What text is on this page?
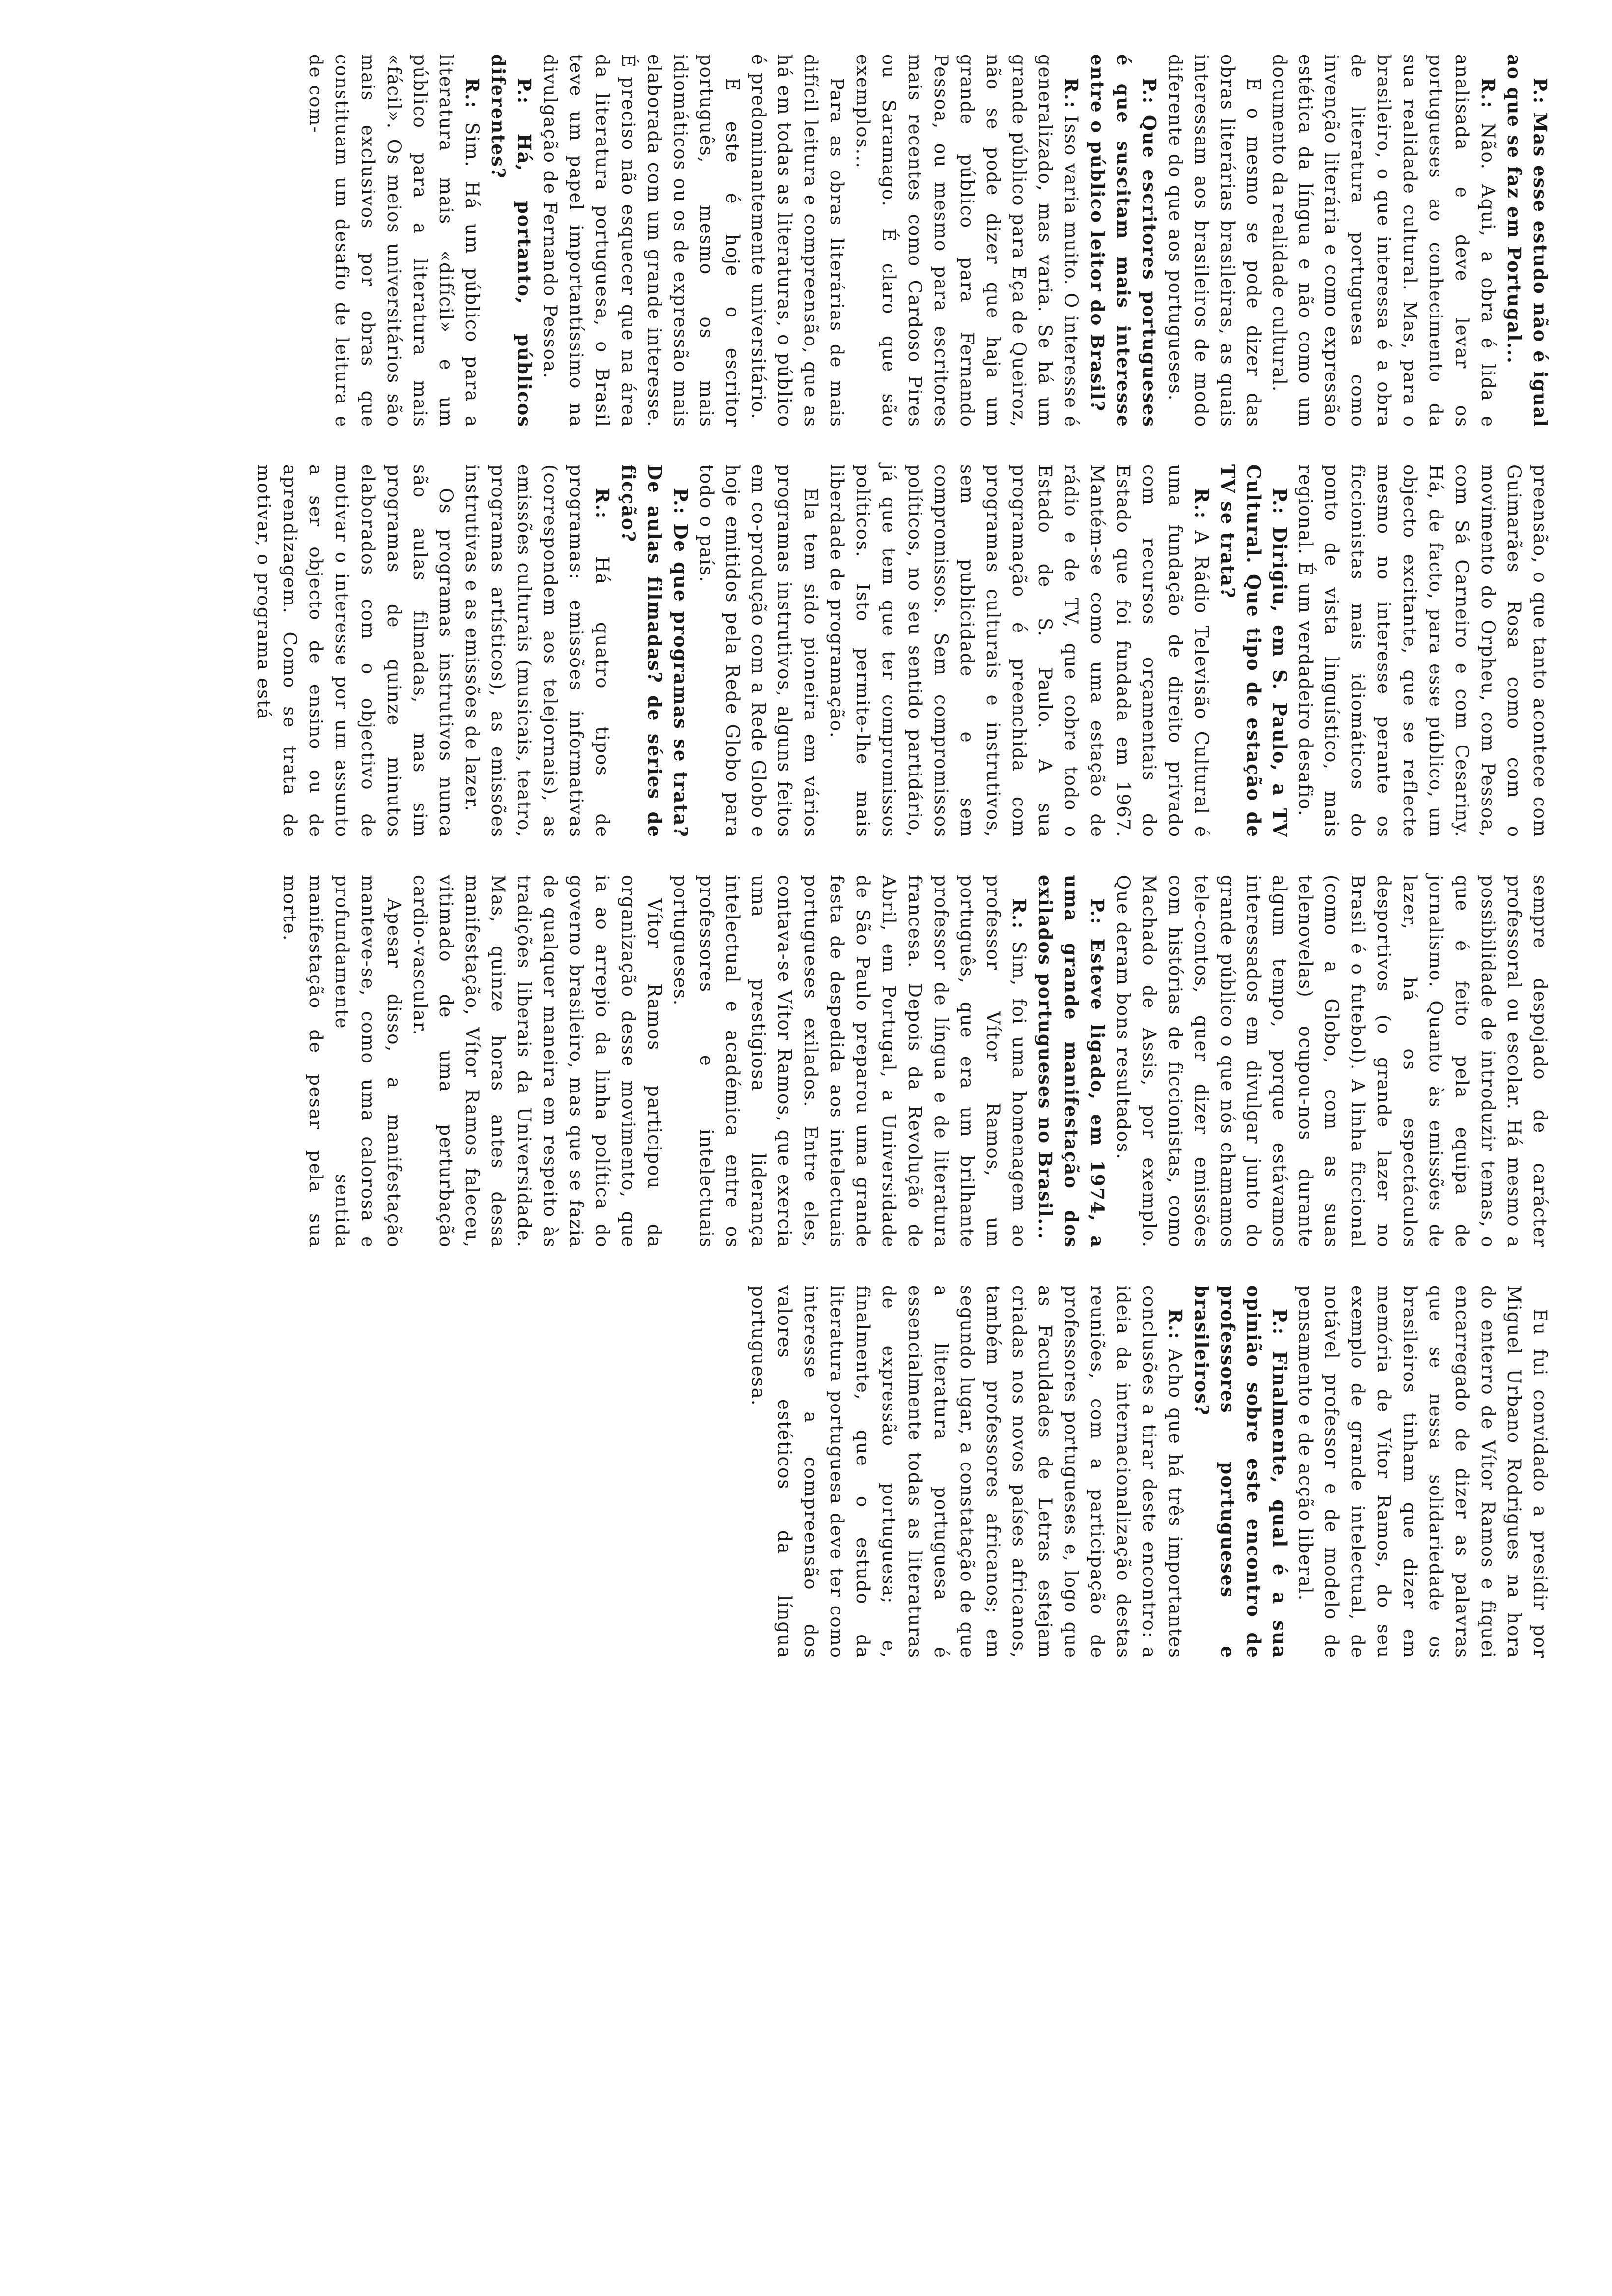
P.: Mas esse estudo não é igual ao que se faz em Portugal...

R.: Não. Aqui, a obra é lida e analisada e deve levar os portugueses ao conhecimento da sua realidade cultural. Mas, para o brasileiro, o que interessa é a obra de literatura portuguesa como invenção literária e como expressão estética da língua e não como um documento da realidade cultural.

E o mesmo se pode dizer das obras literárias brasileiras, as quais interessam aos brasileiros de modo diferente do que aos portugueses.

P.: Que escritores portugueses é que suscitam mais interesse entre o público leitor do Brasil?

R.: Isso varia muito. O interesse é generalizado, mas varia. Se há um grande público para Eça de Queiroz, não se pode dizer que haja um grande público para Fernando Pessoa, ou mesmo para escritores mais recentes como Cardoso Pires ou Saramago. É claro que são exemplos...

Para as obras literárias de mais difícil leitura e compreensão, que as há em todas as literaturas, o público é predominantemente universitário.

E este é hoje o escritor português, mesmo os mais idiomáticos ou os de expressão mais elaborada com um grande interesse. É preciso não esquecer que na área da literatura portuguesa, o Brasil teve um papel importantíssimo na divulgação de Fernando Pessoa.

P.: Há, portanto, públicos diferentes?

R.: Sim. Há um público para a literatura mais «difícil» e um público para a literatura mais «fácil». Os meios universitários são mais exclusivos por obras que constituam um desafio de leitura e de com-

preensão, o que tanto acontece com Guimarães Rosa como com o movimento do Orpheu, com Pessoa, com Sá Carneiro e com Cesariny. Há, de facto, para esse público, um objecto excitante, que se reflecte mesmo no interesse perante os ficcionistas mais idiomáticos do ponto de vista linguístico, mais regional. É um verdadeiro desafio.

P.: Dirigiu, em S. Paulo, a TV Cultural. Que tipo de estação de TV se trata?

R.: A Rádio Televisão Cultural é uma fundação de direito privado com recursos orçamentais do Estado que foi fundada em 1967. Mantém-se como uma estação de rádio e de TV, que cobre todo o Estado de S. Paulo. A sua programação é preenchida com programas culturais e instrutivos, sem publicidade e sem compromissos. Sem compromissos políticos, no seu sentido partidário, já que tem que ter compromissos políticos. Isto permite-lhe mais liberdade de programação.

Ela tem sido pioneira em vários programas instrutivos, alguns feitos em co-produção com a Rede Globo e hoje emitidos pela Rede Globo para todo o país.

P.: De que programas se trata? De aulas filmadas? de séries de ficção?

R.: Há quatro tipos de programas: emissões informativas (correspondem aos telejornais), as emissões culturais (musicais, teatro, programas artísticos), as emissões instrutivas e as emissões de lazer.

Os programas instrutivos nunca são aulas filmadas, mas sim programas de quinze minutos elaborados com o objectivo de motivar o interesse por um assunto a ser objecto de ensino ou de aprendizagem. Como se trata de motivar, o programa está

sempre despojado de carácter professoral ou escolar. Há mesmo a possibilidade de introduzir temas, o que é feito pela equipa de jornalismo. Quanto às emissões de lazer, há os espectáculos desportivos (o grande lazer no Brasil é o futebol). A linha ficcional (como a Globo, com as suas telenovelas) ocupou-nos durante algum tempo, porque estávamos interessados em divulgar junto do grande público o que nós chamamos tele-contos, quer dizer emissões com histórias de ficcionistas, como Machado de Assis, por exemplo. Que deram bons resultados.

P.: Esteve ligado, em 1974, a uma grande manifestação dos exilados portugueses no Brasil...

R.: Sim, foi uma homenagem ao professor Vítor Ramos, um português, que era um brilhante professor de língua e de literatura francesa. Depois da Revolução de Abril, em Portugal, a Universidade de São Paulo preparou uma grande festa de despedida aos intelectuais portugueses exilados. Entre eles, contava-se Vítor Ramos, que exercia uma prestigiosa liderança intelectual e académica entre os professores e intelectuais portugueses.

Vítor Ramos participou da organização desse movimento, que ia ao arrepio da linha política do governo brasileiro, mas que se fazia de qualquer maneira em respeito às tradições liberais da Universidade. Mas, quinze horas antes dessa manifestação, Vítor Ramos faleceu, vitimado de uma perturbação cardio-vascular.

Apesar disso, a manifestação manteve-se, como uma calorosa e profundamente sentida manifestação de pesar pela sua morte.

Eu fui convidado a presidir por Miguel Urbano Rodrigues na hora do enterro de Vítor Ramos e fiquei encarregado de dizer as palavras que se nessa solidariedade os brasileiros tinham que dizer em memória de Vítor Ramos, do seu exemplo de grande intelectual, de notável professor e de modelo de pensamento e de acção liberal.

P.: Finalmente, qual é a sua opinião sobre este encontro de professores portugueses e brasileiros?

R.: Acho que há três importantes conclusões a tirar deste encontro: a ideia da internacionalização destas reuniões, com a participação de professores portugueses e, logo que as Faculdades de Letras estejam criadas nos novos países africanos, também professores africanos; em segundo lugar, a constatação de que a literatura portuguesa é essencialmente todas as literaturas de expressão portuguesa; e, finalmente, que o estudo da literatura portuguesa deve ter como interesse a compreensão dos valores estéticos da língua portuguesa.
